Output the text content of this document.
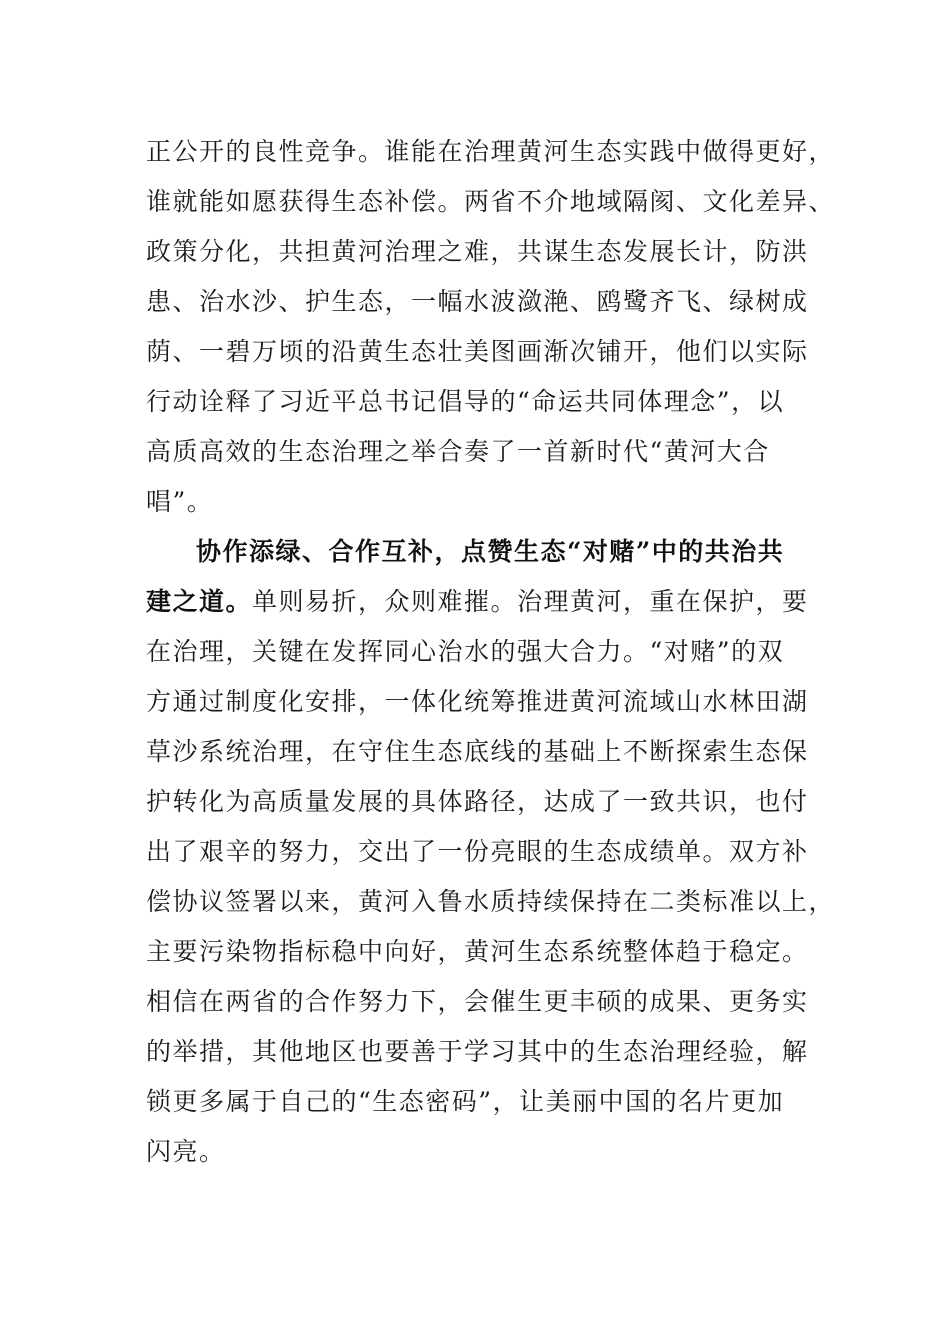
正公开的良性竞争。谁能在治理黄河生态实践中做得更好，
谁就能如愿获得生态补偿。两省不介地域隔阂、文化差异、
政策分化，共担黄河治理之难，共谋生态发展长计，防洪
患、治水沙、护生态，一幅水波潋滟、鸥鹭齐飞、绿树成
荫、一碧万顷的沿黄生态壮美图画渐次铺开，他们以实际
行动诠释了习近平总书记倡导的“命运共同体理念”，以
高质高效的生态治理之举合奏了一首新时代“黄河大合
唱”。
协作添绿、合作互补，点赞生态“对赌”中的共治共
建之道。单则易折，众则难摧。治理黄河，重在保护，要
在治理，关键在发挥同心治水的强大合力。“对赌”的双
方通过制度化安排，一体化统筹推进黄河流域山水林田湖
草沙系统治理，在守住生态底线的基础上不断探索生态保
护转化为高质量发展的具体路径，达成了一致共识，也付
出了艰辛的努力，交出了一份亮眼的生态成绩单。双方补
偿协议签署以来，黄河入鲁水质持续保持在二类标准以上，
主要污染物指标稳中向好，黄河生态系统整体趋于稳定。
相信在两省的合作努力下，会催生更丰硕的成果、更务实
的举措，其他地区也要善于学习其中的生态治理经验，解
锁更多属于自己的“生态密码”，让美丽中国的名片更加
闪亮。
